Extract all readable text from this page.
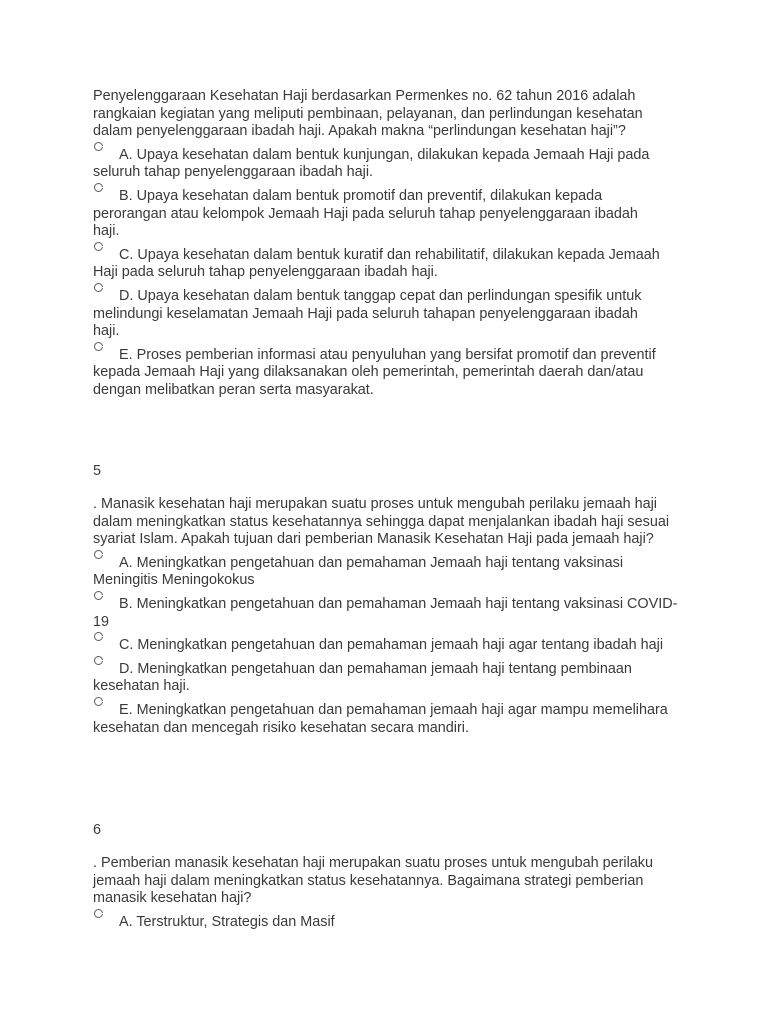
Penyelenggaraan Kesehatan Haji berdasarkan Permenkes no. 62 tahun 2016 adalah rangkaian kegiatan yang meliputi pembinaan, pelayanan, dan perlindungan kesehatan dalam penyelenggaraan ibadah haji. Apakah makna “perlindungan kesehatan haji”?

A. Upaya kesehatan dalam bentuk kunjungan, dilakukan kepada Jemaah Haji pada seluruh tahap penyelenggaraan ibadah haji.
B. Upaya kesehatan dalam bentuk promotif dan preventif, dilakukan kepada perorangan atau kelompok Jemaah Haji pada seluruh tahap penyelenggaraan ibadah haji.
C. Upaya kesehatan dalam bentuk kuratif dan rehabilitatif, dilakukan kepada Jemaah Haji pada seluruh tahap penyelenggaraan ibadah haji.
D. Upaya kesehatan dalam bentuk tanggap cepat dan perlindungan spesifik untuk melindungi keselamatan Jemaah Haji pada seluruh tahapan penyelenggaraan ibadah haji.
E. Proses pemberian informasi atau penyuluhan yang bersifat promotif dan preventif kepada Jemaah Haji yang dilaksanakan oleh pemerintah, pemerintah daerah dan/atau dengan melibatkan peran serta masyarakat.

5

. Manasik kesehatan haji merupakan suatu proses untuk mengubah perilaku jemaah haji dalam meningkatkan status kesehatannya sehingga dapat menjalankan ibadah haji sesuai syariat Islam. Apakah tujuan dari pemberian Manasik Kesehatan Haji pada jemaah haji?

A. Meningkatkan pengetahuan dan pemahaman Jemaah haji tentang vaksinasi Meningitis Meningokokus
B. Meningkatkan pengetahuan dan pemahaman Jemaah haji tentang vaksinasi COVID-19
C. Meningkatkan pengetahuan dan pemahaman jemaah haji agar tentang ibadah haji
D. Meningkatkan pengetahuan dan pemahaman jemaah haji tentang pembinaan kesehatan haji.
E. Meningkatkan pengetahuan dan pemahaman jemaah haji agar mampu memelihara kesehatan dan mencegah risiko kesehatan secara mandiri.

6

. Pemberian manasik kesehatan haji merupakan suatu proses untuk mengubah perilaku jemaah haji dalam meningkatkan status kesehatannya. Bagaimana strategi pemberian manasik kesehatan haji?

A. Terstruktur, Strategis dan Masif
